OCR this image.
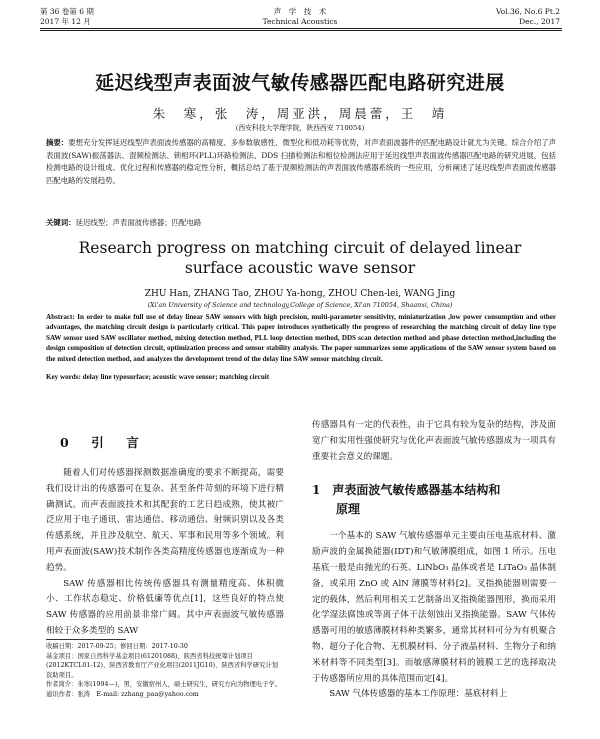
第 36 卷第 6 期
2017 年 12 月
声　学　技　术
Technical Acoustics
Vol.36, No.6 Pt.2
Dec., 2017
延迟线型声表面波气敏传感器匹配电路研究进展
朱　寒，张　涛，周亚洪，周晨蕾，王　靖
(西安科技大学理学院，陕西西安 710054)
摘要：要想充分发挥延迟线型声表面波传感器的高精度、多参数敏感性、微型化和低功耗等优势，对声表面波器件的匹配电路设计就尤为关键。综合介绍了声表面波(SAW)振荡器法、混频检测法、锁相环(PLL)环路检测法、DDS 扫描检测法和相位检测法应用于延迟线型声表面波传感器匹配电路的研究进展，包括检测电路的设计组成、优化过程和传感器的稳定性分析，概括总结了基于混频检测法的声表面波传感器系统的一些应用，分析阐述了延迟线型声表面波传感器匹配电路的发展趋势。
关键词：延迟线型；声表面波传感器；匹配电路
Research progress on matching circuit of delayed linear
surface acoustic wave sensor
ZHU Han, ZHANG Tao, ZHOU Ya-hong, ZHOU Chen-lei, WANG Jing
(Xi'an University of Science and technology,College of Science, Xi'an 710054, Shaanxi, China)
Abstract: In order to make full use of delay linear SAW sensors with high precision, multi-parameter sensitivity, miniaturization ,low power consumption and other advantages, the matching circuit design is particularly critical. This paper introduces synthetically the progress of researching the matching circuit of delay line type SAW sensor used SAW oscillator method, mixing detection method, PLL loop detection method, DDS scan detection method and phase detection method,including the design composition of detection circuit, optimization process and sensor stability analysis. The paper summarizes some applications of the SAW sensor system based on the mixed detection method, and analyzes the development trend of the delay line SAW sensor matching circuit.
Key words: delay line typesurface; acoustic wave sensor; matching circuit
0　引　言

随着人们对传感器探测数据准确度的要求不断提高，需要我们设计出的传感器可在复杂、甚至条件苛刻的环境下进行精确测试。而声表面波技术和其配套的工艺日趋成熟，使其被广泛应用于电子通讯、雷达通信、移动通信、射频识别以及各类传感系统，并且涉及航空、航天、军事和民用等多个领域。利用声表面波(SAW)技术制作各类高精度传感器也逐渐成为一种趋势。

SAW 传感器相比传统传感器具有测量精度高、体积微小、工作状态稳定、价格低廉等优点[1]，这些良好的特点使 SAW 传感器的应用前景非常广阔。其中声表面波气敏传感器相较于众多类型的 SAW

收稿日期：2017-09-25；修回日期：2017-10-30
基金项目：国家自然科学基金项目(61201088)、陕西省科技统筹计划项目(2012KTCL01-12)、陕西省教育厅产业化项目(2011JG10)、陕西省科学研究计划资助项目。
作者简介：朱寒(1994—)，男，安徽宿州人，硕士研究生，研究方向为物理电子学。
通讯作者：张涛　E-mail: zzhang_paa@yahoo.com

传感器具有一定的代表性，由于它具有较为复杂的结构，涉及面宽广和实用性强使研究与优化声表面波气敏传感器成为一项具有重要社会意义的课题。

1　声表面波气敏传感器基本结构和
原理

一个基本的 SAW 气敏传感器单元主要由压电基底材料、激励声波的金属换能器(IDT)和气敏薄膜组成，如图 1 所示。压电基底一般是由抛光的石英、LiNbO₃ 晶体或者是 LiTaO₃ 晶体制备，或采用 ZnO 或 AlN 薄膜等材料[2]。叉指换能器则需要一定的载体，然后利用相关工艺制备出叉指换能器图形，换而采用化学湿法腐蚀或等离子体干法刻蚀出叉指换能器。SAW 气体传感器可用的敏感薄膜材料种类繁多，通常其材料可分为有机聚合物、超分子化合物、无机膜材料、分子液晶材料、生物分子和纳米材料等不同类型[3]。而敏感薄膜材料的镀膜工艺的选择取决于传感器所应用的具体范围而定[4]。

SAW 气体传感器的基本工作原理：基底材料上
